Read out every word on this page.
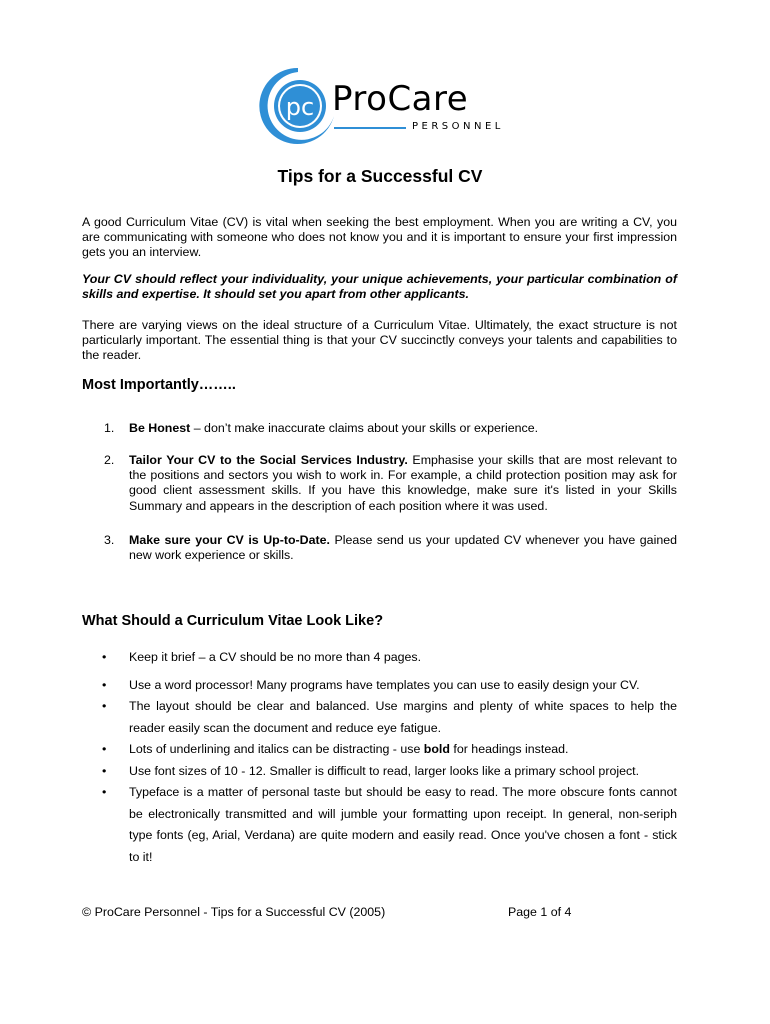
pc ProCare
PERSONNEL
Tips for a Successful CV

A good Curriculum Vitae (CV) is vital when seeking the best employment. When you are writing a CV, you are communicating with someone who does not know you and it is important to ensure your first impression gets you an interview.

Your CV should reflect your individuality, your unique achievements, your particular combination of skills and expertise. It should set you apart from other applicants.

There are varying views on the ideal structure of a Curriculum Vitae. Ultimately, the exact structure is not particularly important. The essential thing is that your CV succinctly conveys your talents and capabilities to the reader.

Most Importantly……..
1. Be Honest – don’t make inaccurate claims about your skills or experience.
2. Tailor Your CV to the Social Services Industry. Emphasise your skills that are most relevant to the positions and sectors you wish to work in. For example, a child protection position may ask for good client assessment skills. If you have this knowledge, make sure it's listed in your Skills Summary and appears in the description of each position where it was used.
3. Make sure your CV is Up-to-Date. Please send us your updated CV whenever you have gained new work experience or skills.
What Should a Curriculum Vitae Look Like?
• Keep it brief – a CV should be no more than 4 pages.
• Use a word processor! Many programs have templates you can use to easily design your CV.
• The layout should be clear and balanced. Use margins and plenty of white spaces to help the reader easily scan the document and reduce eye fatigue.
• Lots of underlining and italics can be distracting - use bold for headings instead.
• Use font sizes of 10 - 12. Smaller is difficult to read, larger looks like a primary school project.
• Typeface is a matter of personal taste but should be easy to read. The more obscure fonts cannot be electronically transmitted and will jumble your formatting upon receipt. In general, non-seriph type fonts (eg, Arial, Verdana) are quite modern and easily read. Once you've chosen a font - stick to it!
© ProCare Personnel - Tips for a Successful CV (2005)	Page 1 of 4
